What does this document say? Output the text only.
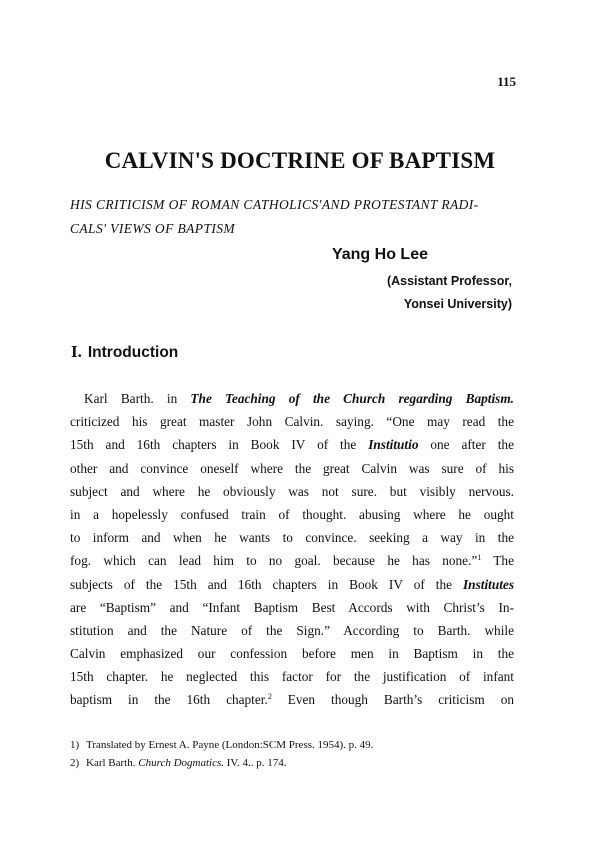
115
CALVIN'S DOCTRINE OF BAPTISM
HIS CRITICISM OF ROMAN CATHOLICS'AND PROTESTANT RADI-
CALS' VIEWS OF BAPTISM
Yang Ho Lee
(Assistant Professor,
Yonsei University)
I. Introduction
Karl Barth. in The Teaching of the Church regarding Baptism.
criticized his great master John Calvin. saying. “One may read the
15th and 16th chapters in Book IV of the Institutio one after the
other and convince oneself where the great Calvin was sure of his
subject and where he obviously was not sure. but visibly nervous.
in a hopelessly confused train of thought. abusing where he ought
to inform and when he wants to convince. seeking a way in the
fog. which can lead him to no goal. because he has none.”$^1$ The
subjects of the 15th and 16th chapters in Book IV of the Institutes
are “Baptism” and “Infant Baptism Best Accords with Christ’s In-
stitution and the Nature of the Sign.” According to Barth. while
Calvin emphasized our confession before men in Baptism in the
15th chapter. he neglected this factor for the justification of infant
baptism in the 16th chapter.$^2$ Even though Barth’s criticism on
1) Translated by Ernest A. Payne (London:SCM Press. 1954). p. 49.
2) Karl Barth. Church Dogmatics. IV. 4.. p. 174.
